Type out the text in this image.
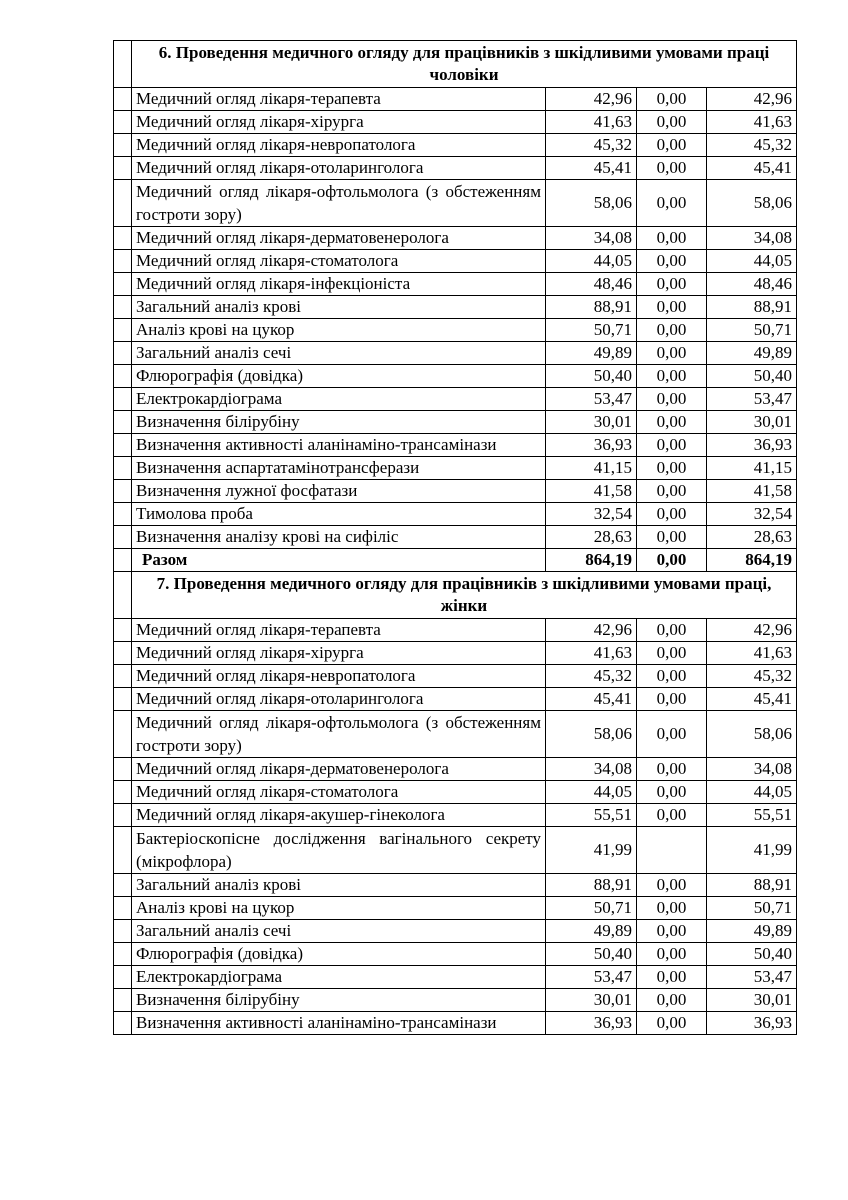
	6. Проведення медичного огляду для працівників з шкідливими умовами праці чоловіки			
	Медичний огляд лікаря-терапевта	42,96	0,00	42,96
	Медичний огляд лікаря-хірурга	41,63	0,00	41,63
	Медичний огляд лікаря-невропатолога	45,32	0,00	45,32
	Медичний огляд лікаря-отоларинголога	45,41	0,00	45,41
	Медичний огляд лікаря-офтольмолога (з обстеженням гостроти зору)	58,06	0,00	58,06
	Медичний огляд лікаря-дерматовенеролога	34,08	0,00	34,08
	Медичний огляд лікаря-стоматолога	44,05	0,00	44,05
	Медичний огляд лікаря-інфекціоніста	48,46	0,00	48,46
	Загальний аналіз крові	88,91	0,00	88,91
	Аналіз крові на цукор	50,71	0,00	50,71
	Загальний аналіз сечі	49,89	0,00	49,89
	Флюрографія (довідка)	50,40	0,00	50,40
	Електрокардіограма	53,47	0,00	53,47
	Визначення білірубіну	30,01	0,00	30,01
	Визначення активності аланінаміно-трансамінази	36,93	0,00	36,93
	Визначення аспартатамінотрансферази	41,15	0,00	41,15
	Визначення лужної фосфатази	41,58	0,00	41,58
	Тимолова проба	32,54	0,00	32,54
	Визначення аналізу крові на сифіліс	28,63	0,00	28,63
	Разом	864,19	0,00	864,19
	7. Проведення медичного огляду для працівників з шкідливими умовами праці, жінки			
	Медичний огляд лікаря-терапевта	42,96	0,00	42,96
	Медичний огляд лікаря-хірурга	41,63	0,00	41,63
	Медичний огляд лікаря-невропатолога	45,32	0,00	45,32
	Медичний огляд лікаря-отоларинголога	45,41	0,00	45,41
	Медичний огляд лікаря-офтольмолога (з обстеженням гостроти зору)	58,06	0,00	58,06
	Медичний огляд лікаря-дерматовенеролога	34,08	0,00	34,08
	Медичний огляд лікаря-стоматолога	44,05	0,00	44,05
	Медичний огляд лікаря-акушер-гінеколога	55,51	0,00	55,51
	Бактеріоскопісне дослідження вагінального секрету (мікрофлора)	41,99		41,99
	Загальний аналіз крові	88,91	0,00	88,91
	Аналіз крові на цукор	50,71	0,00	50,71
	Загальний аналіз сечі	49,89	0,00	49,89
	Флюрографія (довідка)	50,40	0,00	50,40
	Електрокардіограма	53,47	0,00	53,47
	Визначення білірубіну	30,01	0,00	30,01
	Визначення активності аланінаміно-трансамінази	36,93	0,00	36,93
